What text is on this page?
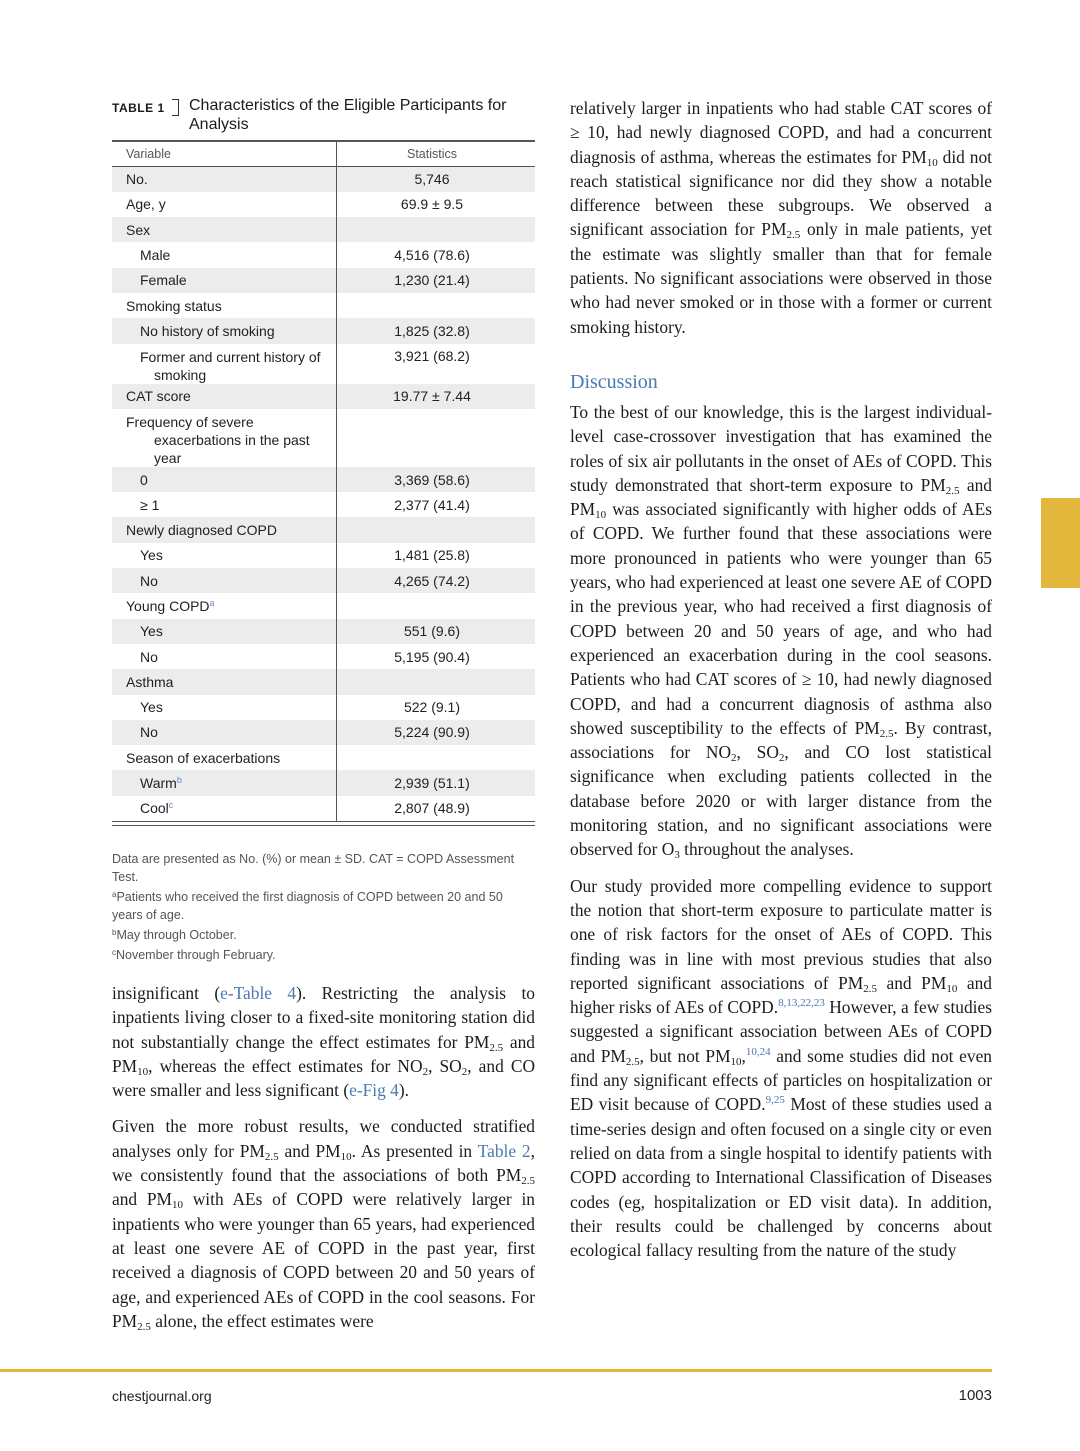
TABLE 1	Characteristics of the Eligible Participants for Analysis
Variable	Statistics
No.	5,746
Age, y	69.9 ± 9.5
Sex	
Male	4,516 (78.6)
Female	1,230 (21.4)
Smoking status	
No history of smoking	1,825 (32.8)
Former and current history of smoking	3,921 (68.2)
CAT score	19.77 ± 7.44
Frequency of severe exacerbations in the past year	
0	3,369 (58.6)
≥ 1	2,377 (41.4)
Newly diagnosed COPD	
Yes	1,481 (25.8)
No	4,265 (74.2)
Young COPD$^a$	
Yes	551 (9.6)
No	5,195 (90.4)
Asthma	
Yes	522 (9.1)
No	5,224 (90.9)
Season of exacerbations	
Warm$^b$	2,939 (51.1)
Cool$^c$	2,807 (48.9)

Data are presented as No. (%) or mean ± SD. CAT = COPD Assessment Test.

$^a$Patients who received the first diagnosis of COPD between 20 and 50 years of age.

$^b$May through October.

$^c$November through February.

insignificant (e-Table 4). Restricting the analysis to inpatients living closer to a fixed-site monitoring station did not substantially change the effect estimates for $PM_{2.5}$ and $PM_{10}$, whereas the effect estimates for $NO_2$, $SO_2$, and CO were smaller and less significant (e-Fig 4).

Given the more robust results, we conducted stratified analyses only for $PM_{2.5}$ and $PM_{10}$. As presented in Table 2, we consistently found that the associations of both $PM_{2.5}$ and $PM_{10}$ with AEs of COPD were relatively larger in inpatients who were younger than 65 years, had experienced at least one severe AE of COPD in the past year, first received a diagnosis of COPD between 20 and 50 years of age, and experienced AEs of COPD in the cool seasons. For $PM_{2.5}$ alone, the effect estimates were

relatively larger in inpatients who had stable CAT scores of ≥ 10, had newly diagnosed COPD, and had a concurrent diagnosis of asthma, whereas the estimates for $PM_{10}$ did not reach statistical significance nor did they show a notable difference between these subgroups. We observed a significant association for $PM_{2.5}$ only in male patients, yet the estimate was slightly smaller than that for female patients. No significant associations were observed in those who had never smoked or in those with a former or current smoking history.

Discussion

To the best of our knowledge, this is the largest individual-level case-crossover investigation that has examined the roles of six air pollutants in the onset of AEs of COPD. This study demonstrated that short-term exposure to $PM_{2.5}$ and $PM_{10}$ was associated significantly with higher odds of AEs of COPD. We further found that these associations were more pronounced in patients who were younger than 65 years, who had experienced at least one severe AE of COPD in the previous year, who had received a first diagnosis of COPD between 20 and 50 years of age, and who had experienced an exacerbation during in the cool seasons. Patients who had CAT scores of ≥ 10, had newly diagnosed COPD, and had a concurrent diagnosis of asthma also showed susceptibility to the effects of $PM_{2.5}$. By contrast, associations for $NO_2$, $SO_2$, and CO lost statistical significance when excluding patients collected in the database before 2020 or with larger distance from the monitoring station, and no significant associations were observed for $O_3$ throughout the analyses.

Our study provided more compelling evidence to support the notion that short-term exposure to particulate matter is one of risk factors for the onset of AEs of COPD. This finding was in line with most previous studies that also reported significant associations of $PM_{2.5}$ and $PM_{10}$ and higher risks of AEs of COPD.$^{8,13,22,23}$ However, a few studies suggested a significant association between AEs of COPD and $PM_{2.5}$, but not $PM_{10},^{10,24}$ and some studies did not even find any significant effects of particles on hospitalization or ED visit because of COPD.$^{9,25}$ Most of these studies used a time-series design and often focused on a single city or even relied on data from a single hospital to identify patients with COPD according to International Classification of Diseases codes (eg, hospitalization or ED visit data). In addition, their results could be challenged by concerns about ecological fallacy resulting from the nature of the study

chestjournal.org	1003
